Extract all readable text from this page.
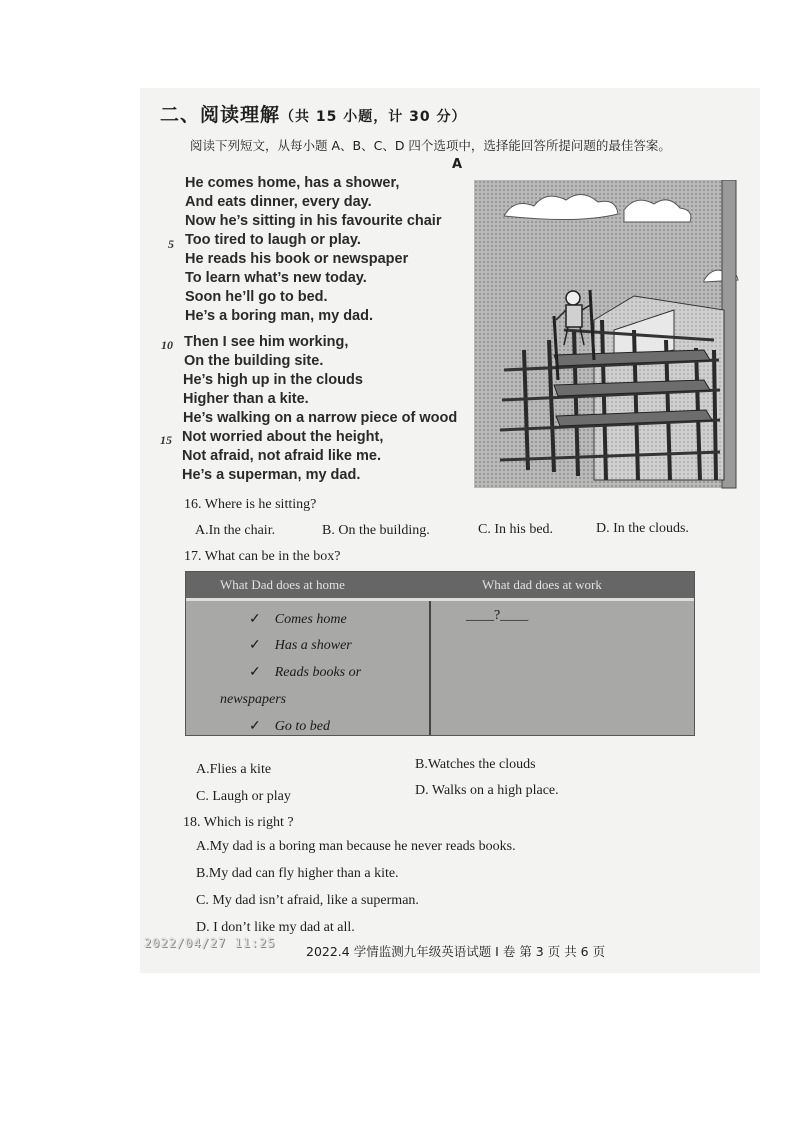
二、阅读理解（共 15 小题，计 30 分）
阅读下列短文，从每小题 A、B、C、D 四个选项中，选择能回答所提问题的最佳答案。
A
He comes home, has a shower,
And eats dinner, every day.
Now he’s sitting in his favourite chair
5 Too tired to laugh or play.
He reads his book or newspaper
To learn what’s new today.
Soon he’ll go to bed.
He’s a boring man, my dad.
10 Then I see him working,
On the building site.
He’s high up in the clouds
Higher than a kite.
He’s walking on a narrow piece of wood
15 Not worried about the height,
Not afraid, not afraid like me.
He’s a superman, my dad.
16. Where is he sitting?
A.In the chair.	B. On the building.	C. In his bed.	D. In the clouds.
17. What can be in the box?
What Dad does at home	What dad does at work
✓ Comes home
✓ Has a shower
✓ Reads books or
newspapers
✓ Go to bed
____?____
A.Flies a kite	B.Watches the clouds
C. Laugh or play	D. Walks on a high place.
18. Which is right ?
A.My dad is a boring man because he never reads books.
B.My dad can fly higher than a kite.
C. My dad isn’t afraid, like a superman.
D. I don’t like my dad at all.
2022/04/27 11:25
2022.4 学情监测九年级英语试题 I 卷 第 3 页 共 6 页
